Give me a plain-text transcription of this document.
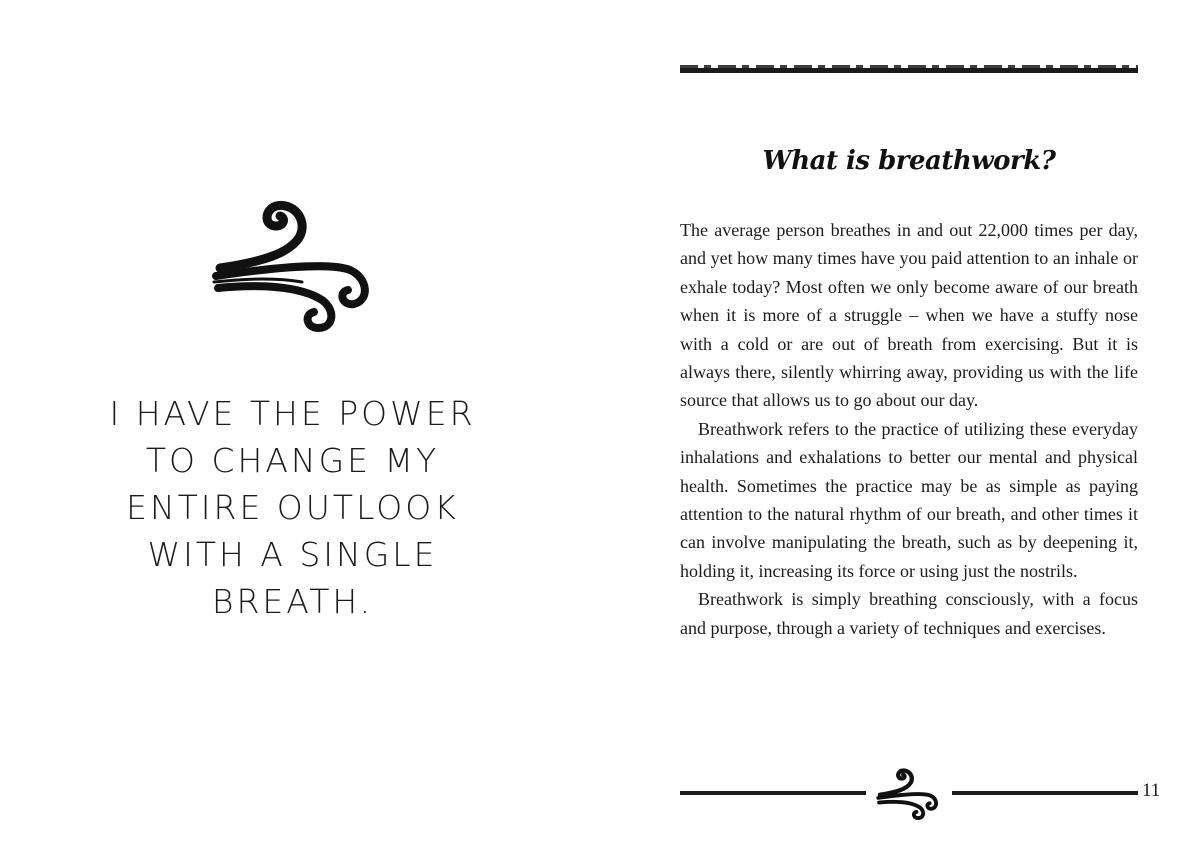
I HAVE THE POWER
TO CHANGE MY
ENTIRE OUTLOOK
WITH A SINGLE
BREATH.
What is breathwork?

The average person breathes in and out 22,000 times per day, and yet how many times have you paid attention to an inhale or exhale today? Most often we only become aware of our breath when it is more of a struggle – when we have a stuffy nose with a cold or are out of breath from exercising. But it is always there, silently whirring away, providing us with the life source that allows us to go about our day.

Breathwork refers to the practice of utilizing these everyday inhalations and exhalations to better our mental and physical health. Sometimes the practice may be as simple as paying attention to the natural rhythm of our breath, and other times it can involve manipulating the breath, such as by deepening it, holding it, increasing its force or using just the nostrils.

Breathwork is simply breathing consciously, with a focus and purpose, through a variety of techniques and exercises.

11
